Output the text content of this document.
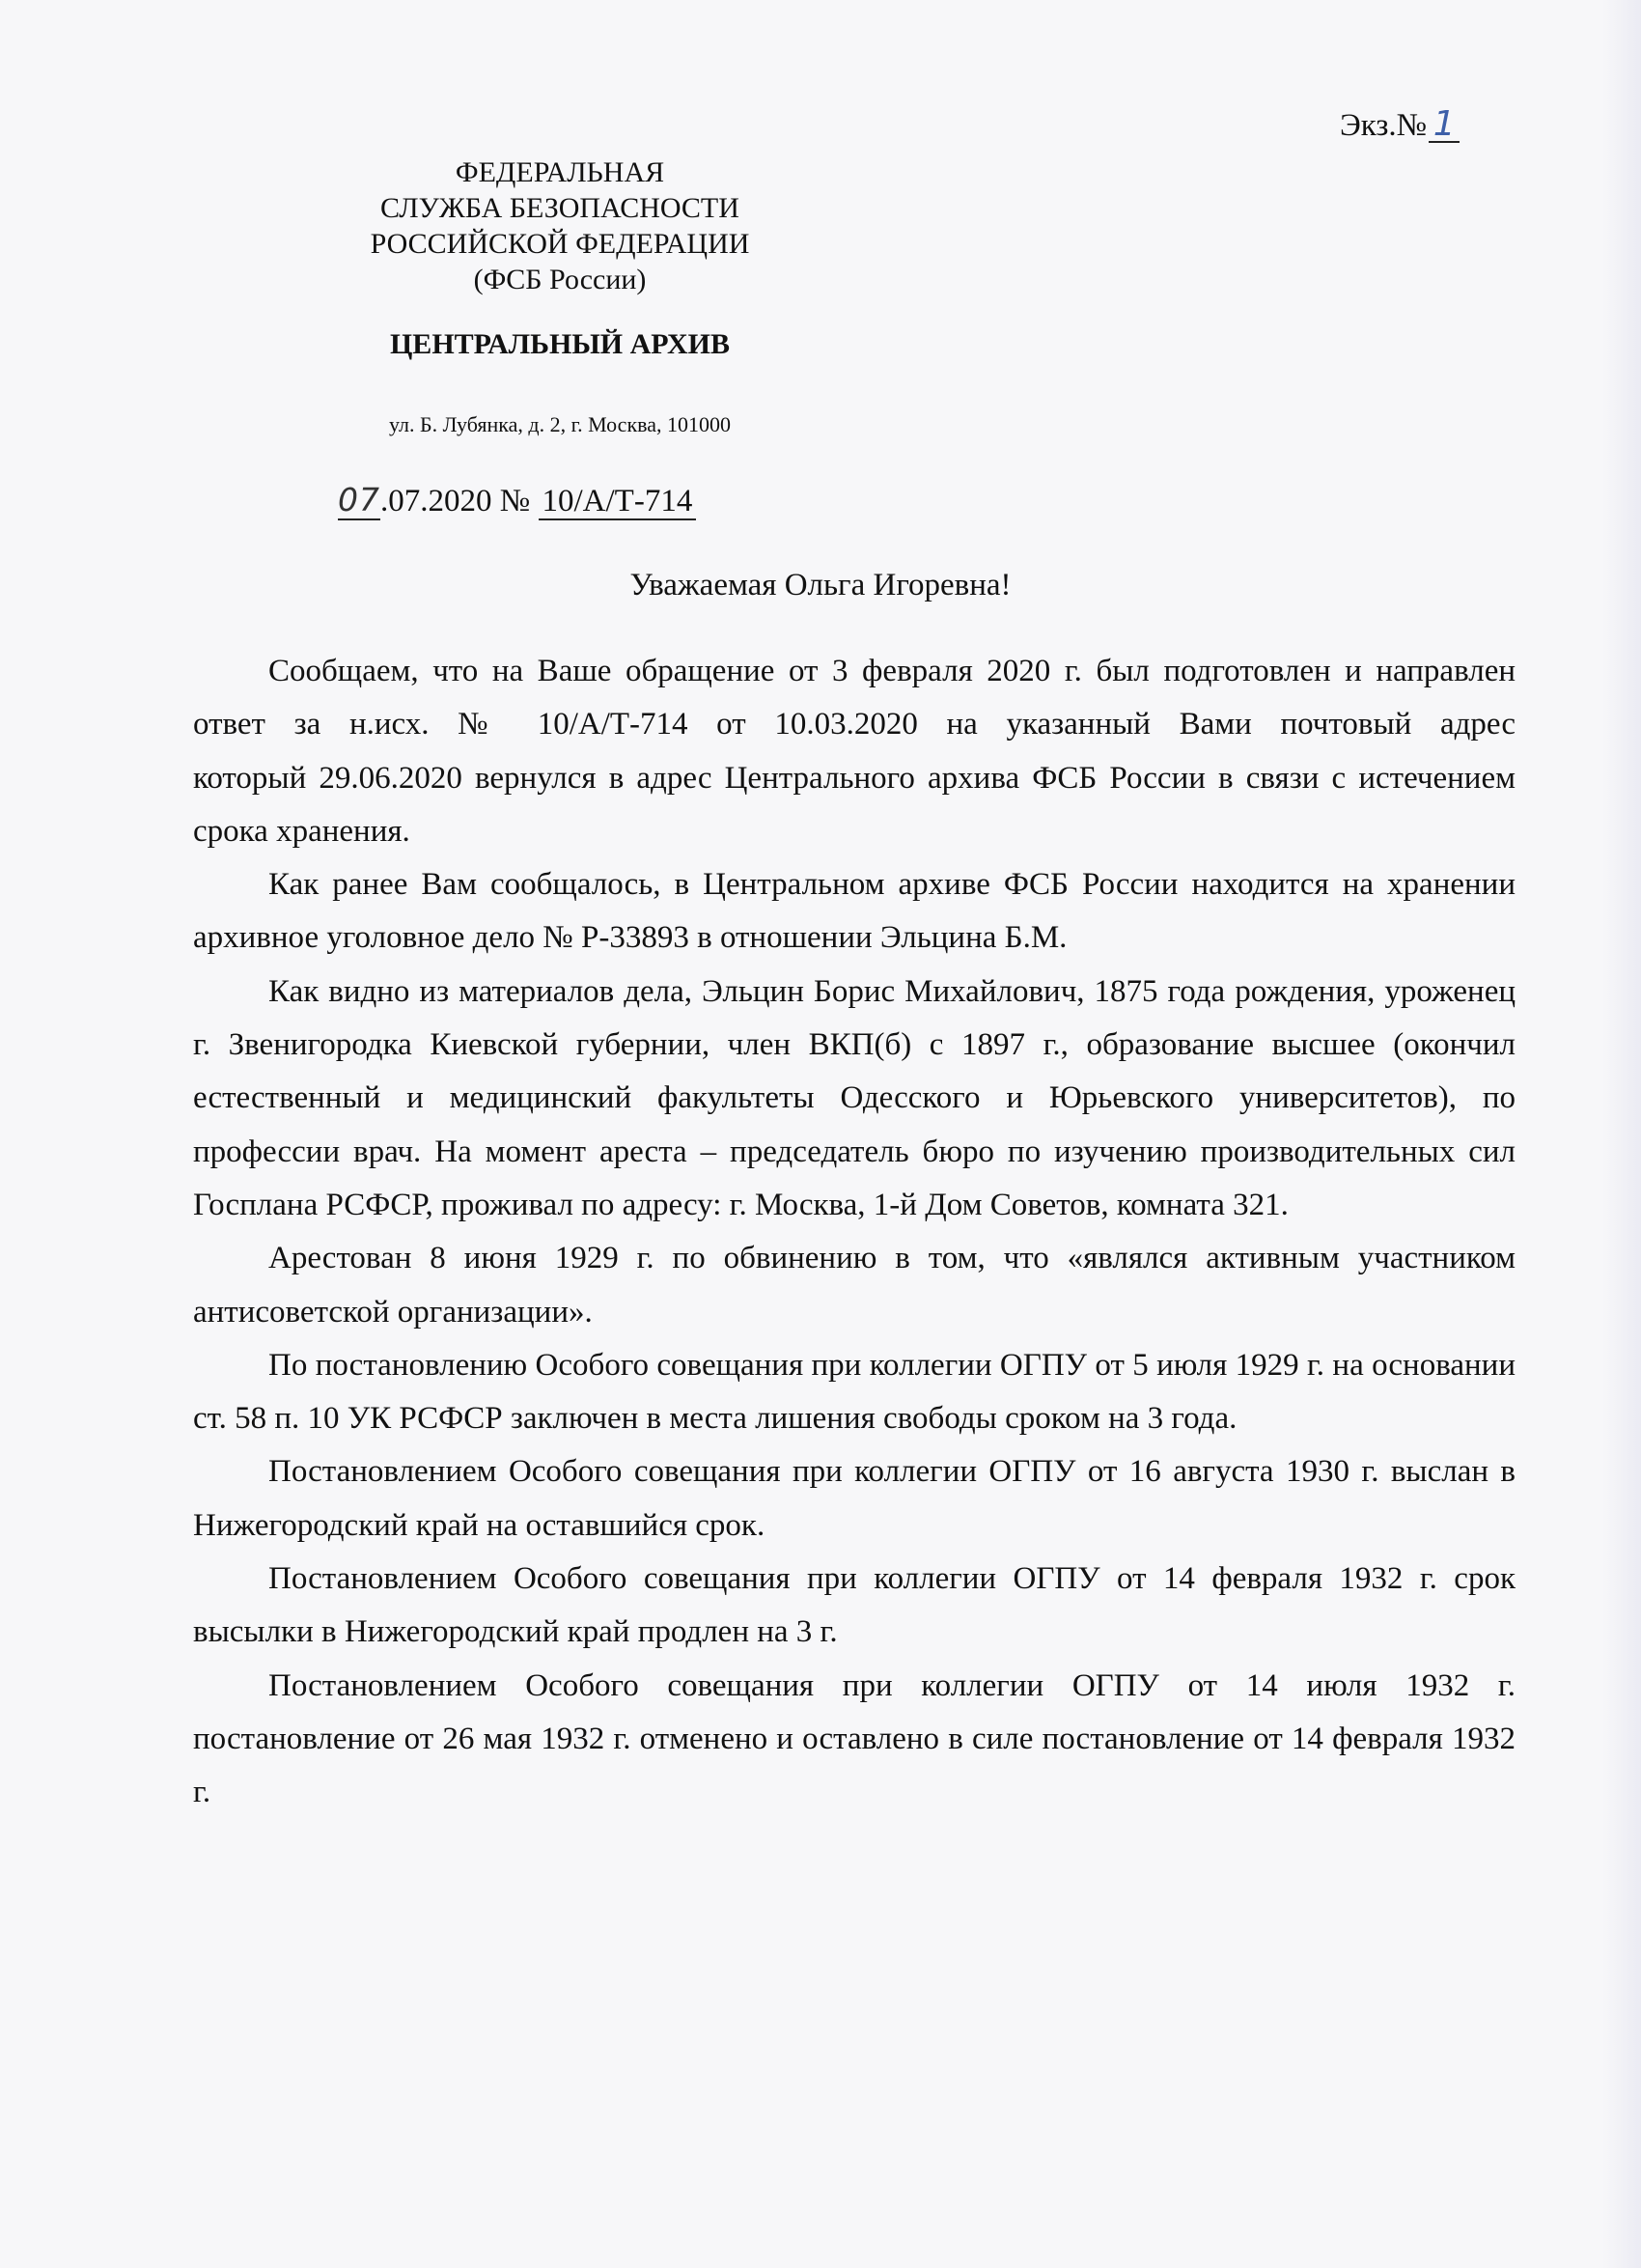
Экз.№ 1
ФЕДЕРАЛЬНАЯ
СЛУЖБА БЕЗОПАСНОСТИ
РОССИЙСКОЙ ФЕДЕРАЦИИ
(ФСБ России)
ЦЕНТРАЛЬНЫЙ АРХИВ
ул. Б. Лубянка, д. 2, г. Москва, 101000
07.07.2020 № 10/А/Т-714
Уважаемая Ольга Игоревна!

Сообщаем, что на Ваше обращение от 3 февраля 2020 г. был подготовлен и направлен ответ за н.исх. № 10/А/Т-714 от 10.03.2020 на указанный Вами почтовый адрес

который 29.06.2020 вернулся в адрес Центрального архива ФСБ России в связи с истечением срока хранения.

Как ранее Вам сообщалось, в Центральном архиве ФСБ России находится на хранении архивное уголовное дело № Р-33893 в отношении Эльцина Б.М.

Как видно из материалов дела, Эльцин Борис Михайлович, 1875 года рождения, уроженец г. Звенигородка Киевской губернии, член ВКП(б) с 1897 г., образование высшее (окончил естественный и медицинский факультеты Одесского и Юрьевского университетов), по профессии врач. На момент ареста – председатель бюро по изучению производительных сил Госплана РСФСР, проживал по адресу: г. Москва, 1-й Дом Советов, комната 321.

Арестован 8 июня 1929 г. по обвинению в том, что «являлся активным участником антисоветской организации».

По постановлению Особого совещания при коллегии ОГПУ от 5 июля 1929 г. на основании ст. 58 п. 10 УК РСФСР заключен в места лишения свободы сроком на 3 года.

Постановлением Особого совещания при коллегии ОГПУ от 16 августа 1930 г. выслан в Нижегородский край на оставшийся срок.

Постановлением Особого совещания при коллегии ОГПУ от 14 февраля 1932 г. срок высылки в Нижегородский край продлен на 3 г.

Постановлением Особого совещания при коллегии ОГПУ от 14 июля 1932 г. постановление от 26 мая 1932 г. отменено и оставлено в силе постановление от 14 февраля 1932 г.
